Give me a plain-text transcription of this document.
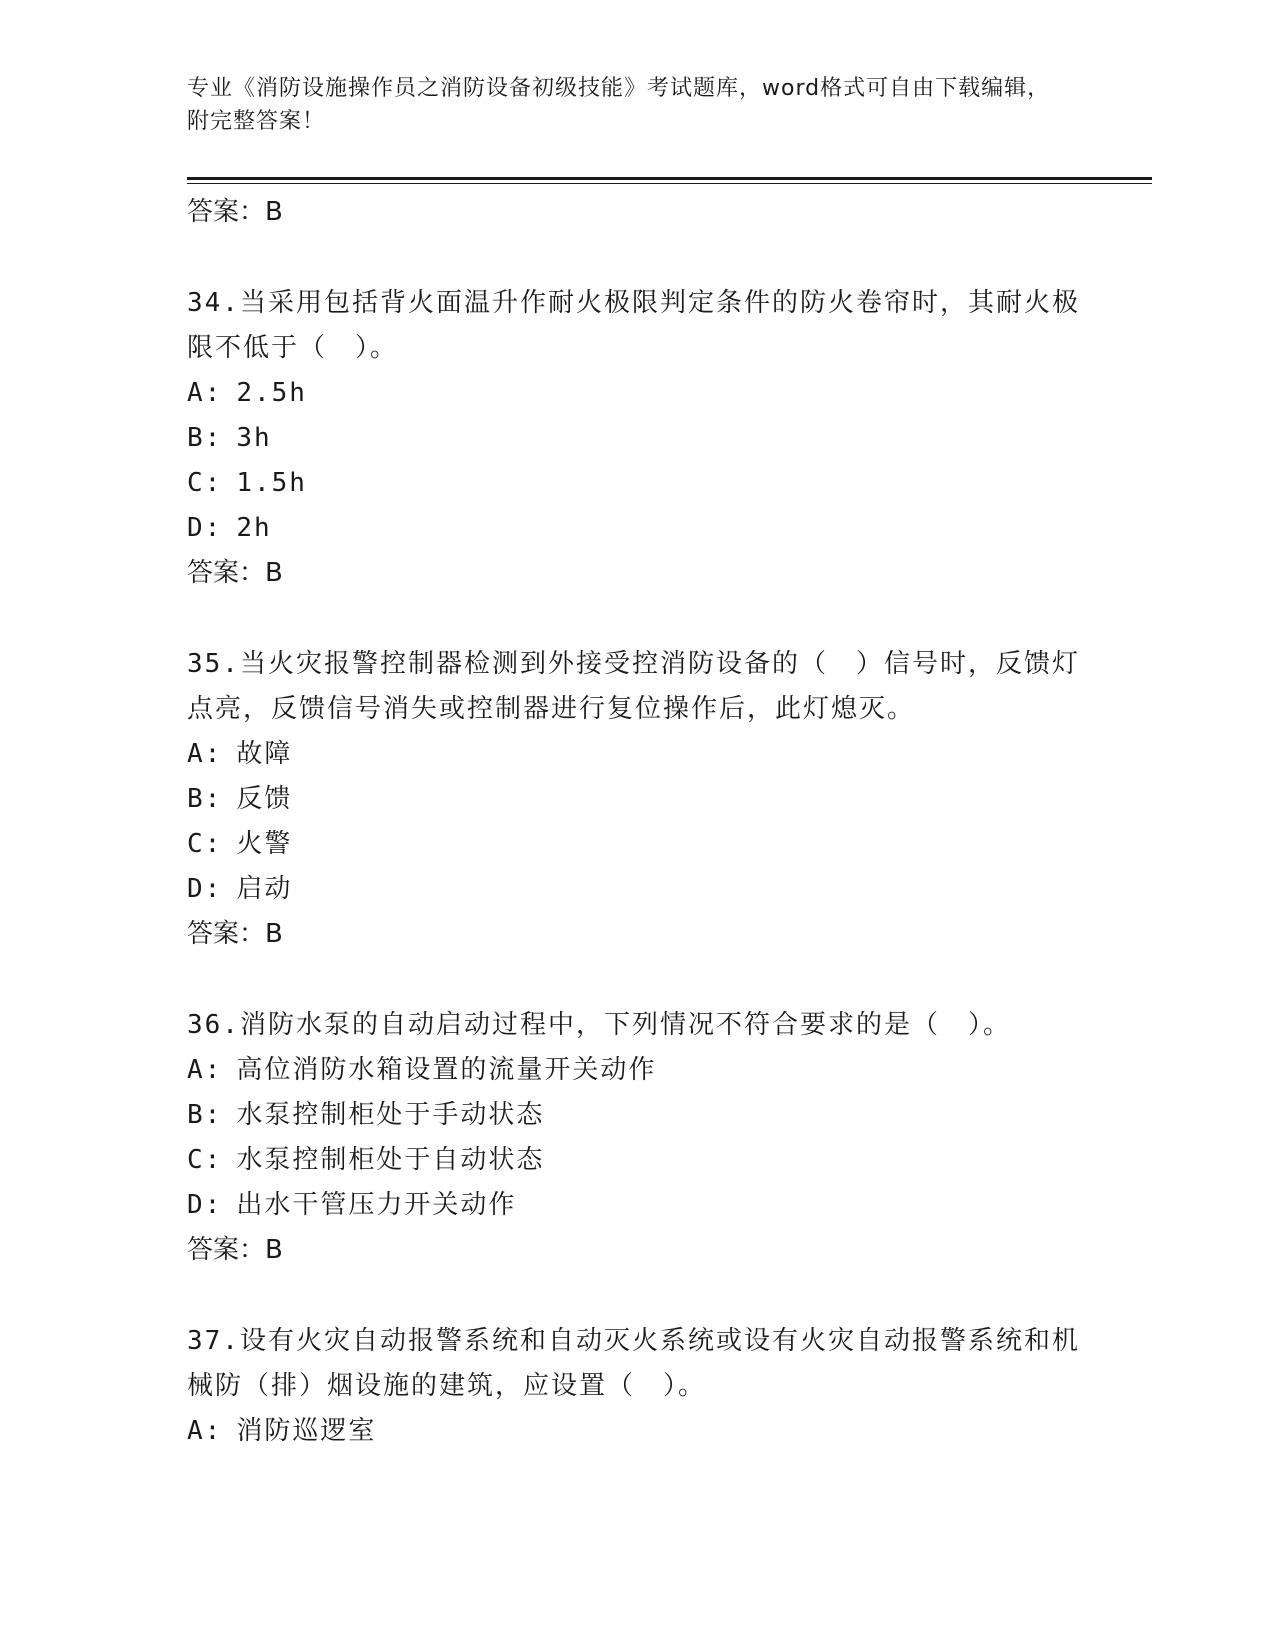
专业《消防设施操作员之消防设备初级技能》考试题库，word格式可自由下载编辑，附完整答案！
答案：B
34.当采用包括背火面温升作耐火极限判定条件的防火卷帘时，其耐火极限不低于（　）。
A: 2.5h
B: 3h
C: 1.5h
D: 2h
答案：B
35.当火灾报警控制器检测到外接受控消防设备的（　）信号时，反馈灯点亮，反馈信号消失或控制器进行复位操作后，此灯熄灭。
A: 故障
B: 反馈
C: 火警
D: 启动
答案：B
36.消防水泵的自动启动过程中，下列情况不符合要求的是（　）。
A: 高位消防水箱设置的流量开关动作
B: 水泵控制柜处于手动状态
C: 水泵控制柜处于自动状态
D: 出水干管压力开关动作
答案：B
37.设有火灾自动报警系统和自动灭火系统或设有火灾自动报警系统和机械防（排）烟设施的建筑，应设置（　）。
A: 消防巡逻室
